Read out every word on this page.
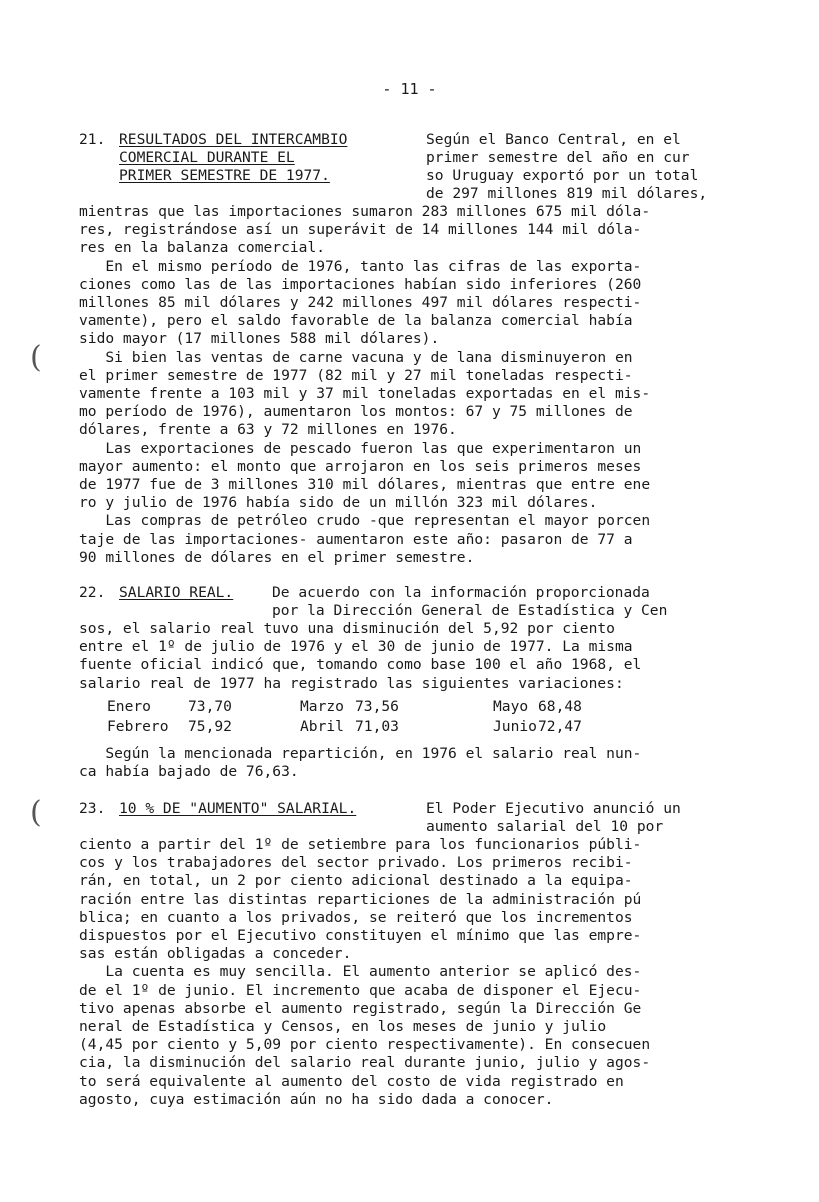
- 11 -
21. RESULTADOS DEL INTERCAMBIO
COMERCIAL DURANTE EL
PRIMER SEMESTRE DE 1977.
Según el Banco Central, en el
primer semestre del año en cur
so Uruguay exportó por un total
de 297 millones 819 mil dólares,
mientras que las importaciones sumaron 283 millones 675 mil dóla-
res, registrándose así un superávit de 14 millones 144 mil dóla-
res en la balanza comercial.
En el mismo período de 1976, tanto las cifras de las exporta-
ciones como las de las importaciones habían sido inferiores (260
millones 85 mil dólares y 242 millones 497 mil dólares respecti-
vamente), pero el saldo favorable de la balanza comercial había
sido mayor (17 millones 588 mil dólares).
Si bien las ventas de carne vacuna y de lana disminuyeron en
el primer semestre de 1977 (82 mil y 27 mil toneladas respecti-
vamente frente a 103 mil y 37 mil toneladas exportadas en el mis-
mo período de 1976), aumentaron los montos: 67 y 75 millones de
dólares, frente a 63 y 72 millones en 1976.
Las exportaciones de pescado fueron las que experimentaron un
mayor aumento: el monto que arrojaron en los seis primeros meses
de 1977 fue de 3 millones 310 mil dólares, mientras que entre ene
ro y julio de 1976 había sido de un millón 323 mil dólares.
Las compras de petróleo crudo -que representan el mayor porcen
taje de las importaciones- aumentaron este año: pasaron de 77 a
90 millones de dólares en el primer semestre.
(
(
22. SALARIO REAL.	De acuerdo con la información proporcionada
por la Dirección General de Estadística y Cen
sos, el salario real tuvo una disminución del 5,92 por ciento
entre el 1º de julio de 1976 y el 30 de junio de 1977. La misma
fuente oficial indicó que, tomando como base 100 el año 1968, el
salario real de 1977 ha registrado las siguientes variaciones:
Enero	73,70	Marzo 73,56	Mayo 68,48
Febrero 75,92	Abril 71,03	Junio 72,47
Según la mencionada repartición, en 1976 el salario real nun-
ca había bajado de 76,63.
23. 10 % DE "AUMENTO" SALARIAL.	El Poder Ejecutivo anunció un
aumento salarial del 10 por
ciento a partir del 1º de setiembre para los funcionarios públi-
cos y los trabajadores del sector privado. Los primeros recibi-
rán, en total, un 2 por ciento adicional destinado a la equipa-
ración entre las distintas reparticiones de la administración pú
blica; en cuanto a los privados, se reiteró que los incrementos
dispuestos por el Ejecutivo constituyen el mínimo que las empre-
sas están obligadas a conceder.
La cuenta es muy sencilla. El aumento anterior se aplicó des-
de el 1º de junio. El incremento que acaba de disponer el Ejecu-
tivo apenas absorbe el aumento registrado, según la Dirección Ge
neral de Estadística y Censos, en los meses de junio y julio
(4,45 por ciento y 5,09 por ciento respectivamente). En consecuen
cia, la disminución del salario real durante junio, julio y agos-
to será equivalente al aumento del costo de vida registrado en
agosto, cuya estimación aún no ha sido dada a conocer.
